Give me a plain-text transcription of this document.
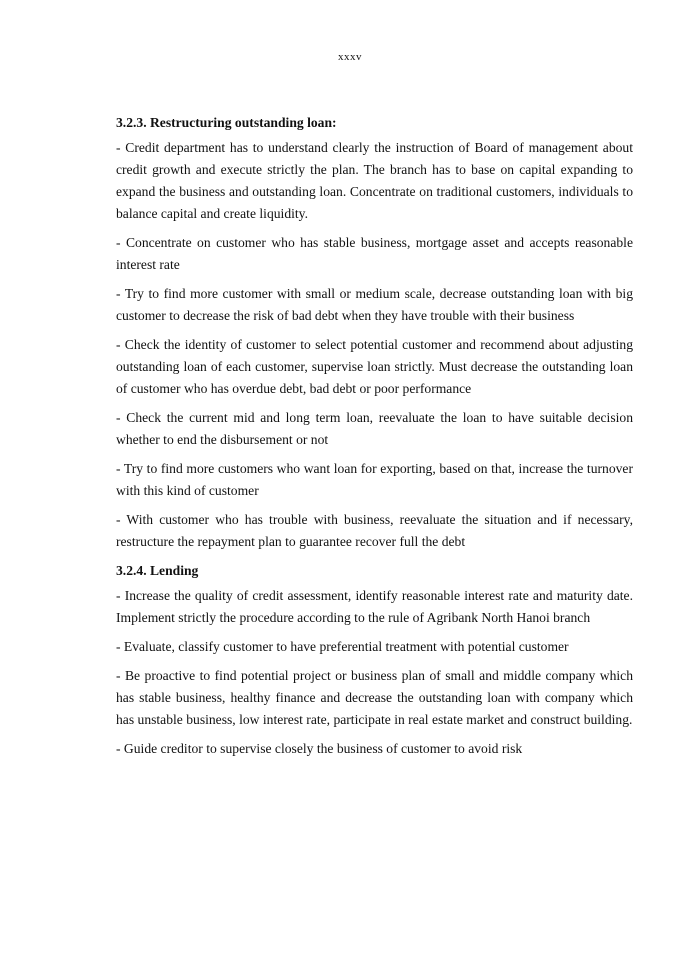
xxxv
3.2.3. Restructuring outstanding loan:

- Credit department has to understand clearly the instruction of Board of management about credit growth and execute strictly the plan. The branch has to base on capital expanding to expand the business and outstanding loan. Concentrate on traditional customers, individuals to balance capital and create liquidity.

- Concentrate on customer who has stable business, mortgage asset and accepts reasonable interest rate

- Try to find more customer with small or medium scale, decrease outstanding loan with big customer to decrease the risk of bad debt when they have trouble with their business

- Check the identity of customer to select potential customer and recommend about adjusting outstanding loan of each customer, supervise loan strictly. Must decrease the outstanding loan of customer who has overdue debt, bad debt or poor performance

- Check the current mid and long term loan, reevaluate the loan to have suitable decision whether to end the disbursement or not

- Try to find more customers who want loan for exporting, based on that, increase the turnover with this kind of customer

- With customer who has trouble with business, reevaluate the situation and if necessary, restructure the repayment plan to guarantee recover full the debt

3.2.4. Lending

- Increase the quality of credit assessment, identify reasonable interest rate and maturity date. Implement strictly the procedure according to the rule of Agribank North Hanoi branch

- Evaluate, classify customer to have preferential treatment with potential customer

- Be proactive to find potential project or business plan of small and middle company which has stable business, healthy finance and decrease the outstanding loan with company which has unstable business, low interest rate, participate in real estate market and construct building.

- Guide creditor to supervise closely the business of customer to avoid risk
